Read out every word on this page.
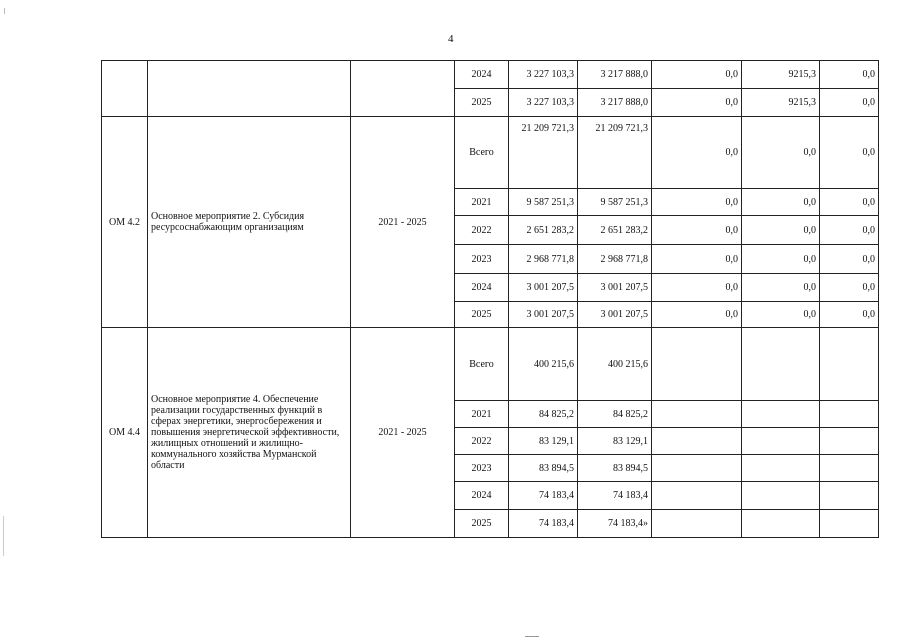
4
			2024	3 227 103,3	3 217 888,0	0,0	9215,3	0,0
			2025	3 227 103,3	3 217 888,0	0,0	9215,3	0,0
ОМ 4.2	Основное мероприятие 2. Субсидия ресурсоснабжающим организациям	2021 - 2025	Всего	21 209 721,3	21 209 721,3	0,0	0,0	0,0
			2021	9 587 251,3	9 587 251,3	0,0	0,0	0,0
			2022	2 651 283,2	2 651 283,2	0,0	0,0	0,0
			2023	2 968 771,8	2 968 771,8	0,0	0,0	0,0
			2024	3 001 207,5	3 001 207,5	0,0	0,0	0,0
			2025	3 001 207,5	3 001 207,5	0,0	0,0	0,0
ОМ 4.4	Основное мероприятие 4. Обеспечение реализации государственных функций в сферах энергетики, энергосбережения и повышения энергетической эффективности, жилищных отношений и жилищно-коммунального хозяйства Мурманской области	2021 - 2025	Всего	400 215,6	400 215,6			
			2021	84 825,2	84 825,2			
			2022	83 129,1	83 129,1			
			2023	83 894,5	83 894,5			
			2024	74 183,4	74 183,4			
			2025	74 183,4	74 183,4»			
